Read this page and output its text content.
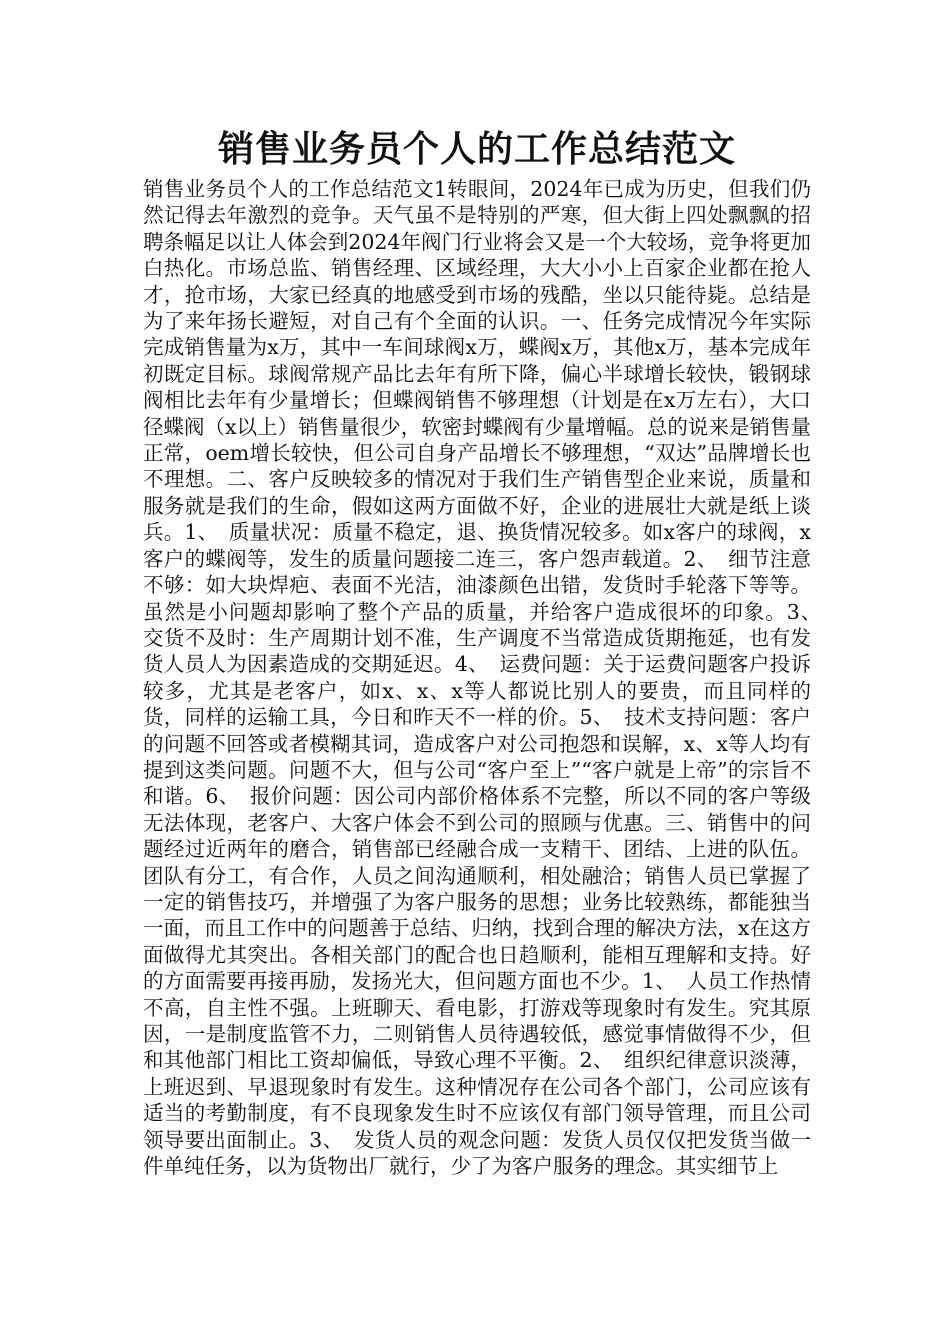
销售业务员个人的工作总结范文

销售业务员个人的工作总结范文1转眼间，2024年已成为历史，但我们仍然记得去年激烈的竞争。天气虽不是特别的严寒，但大街上四处飘飘的招聘条幅足以让人体会到2024年阀门行业将会又是一个大较场，竞争将更加白热化。市场总监、销售经理、区域经理，大大小小上百家企业都在抢人才，抢市场，大家已经真的地感受到市场的残酷，坐以只能待毙。总结是为了来年扬长避短，对自己有个全面的认识。一、任务完成情况今年实际完成销售量为x万，其中一车间球阀x万，蝶阀x万，其他x万，基本完成年初既定目标。球阀常规产品比去年有所下降，偏心半球增长较快，锻钢球阀相比去年有少量增长；但蝶阀销售不够理想（计划是在x万左右），大口径蝶阀（x以上）销售量很少，软密封蝶阀有少量增幅。总的说来是销售量正常，oem增长较快，但公司自身产品增长不够理想，“双达”品牌增长也不理想。二、客户反映较多的情况对于我们生产销售型企业来说，质量和服务就是我们的生命，假如这两方面做不好，企业的进展壮大就是纸上谈兵。1、　质量状况：质量不稳定，退、换货情况较多。如x客户的球阀，x客户的蝶阀等，发生的质量问题接二连三，客户怨声载道。2、　细节注意不够：如大块焊疤、表面不光洁，油漆颜色出错，发货时手轮落下等等。虽然是小问题却影响了整个产品的质量，并给客户造成很坏的印象。3、　交货不及时：生产周期计划不准，生产调度不当常造成货期拖延，也有发货人员人为因素造成的交期延迟。4、　运费问题：关于运费问题客户投诉较多，尤其是老客户，如x、x、x等人都说比别人的要贵，而且同样的货，同样的运输工具，今日和昨天不一样的价。5、　技术支持问题：客户的问题不回答或者模糊其词，造成客户对公司抱怨和误解，x、x等人均有提到这类问题。问题不大，但与公司“客户至上”“客户就是上帝”的宗旨不和谐。6、　报价问题：因公司内部价格体系不完整，所以不同的客户等级无法体现，老客户、大客户体会不到公司的照顾与优惠。三、销售中的问题经过近两年的磨合，销售部已经融合成一支精干、团结、上进的队伍。团队有分工，有合作，人员之间沟通顺利，相处融洽；销售人员已掌握了一定的销售技巧，并增强了为客户服务的思想；业务比较熟练，都能独当一面，而且工作中的问题善于总结、归纳，找到合理的解决方法，x在这方面做得尤其突出。各相关部门的配合也日趋顺利，能相互理解和支持。好的方面需要再接再励，发扬光大，但问题方面也不少。1、　人员工作热情不高，自主性不强。上班聊天、看电影，打游戏等现象时有发生。究其原因，一是制度监管不力，二则销售人员待遇较低，感觉事情做得不少，但和其他部门相比工资却偏低，导致心理不平衡。2、　组织纪律意识淡薄，上班迟到、早退现象时有发生。这种情况存在公司各个部门，公司应该有适当的考勤制度，有不良现象发生时不应该仅有部门领导管理，而且公司领导要出面制止。3、　发货人员的观念问题：发货人员仅仅把发货当做一件单纯任务，以为货物出厂就行，少了为客户服务的理念。其实细节上
